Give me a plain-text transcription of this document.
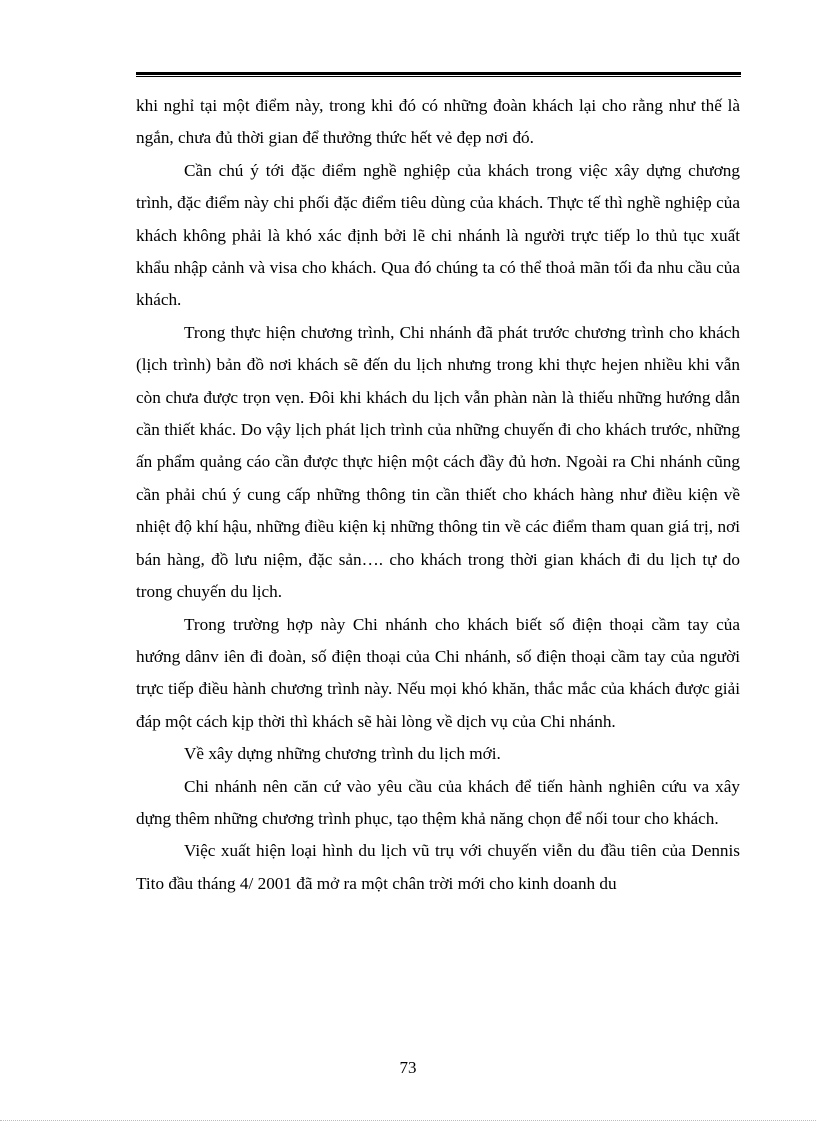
khi nghỉ tại một điểm này, trong khi đó có những đoàn khách lại cho rằng như thế là ngắn, chưa đủ thời gian để thưởng thức hết vẻ đẹp nơi đó.

Cần chú ý tới đặc điểm nghề nghiệp của khách trong việc xây dựng chương trình, đặc điểm này chi phối đặc điểm tiêu dùng của khách. Thực tế thì nghề nghiệp của khách không phải là khó xác định bởi lẽ chi nhánh là người trực tiếp lo thủ tục xuất khẩu nhập cảnh và visa cho khách. Qua đó chúng ta có thể thoả mãn tối đa nhu cầu của khách.

Trong thực hiện chương trình, Chi nhánh đã phát trước chương trình cho khách (lịch trình) bản đồ nơi khách sẽ đến du lịch nhưng trong khi thực hejen nhiều khi vẫn còn chưa được trọn vẹn. Đôi khi khách du lịch vẫn phàn nàn là thiếu những hướng dẫn cần thiết khác. Do vậy lịch phát lịch trình của những chuyến đi cho khách trước, những ấn phẩm quảng cáo cần được thực hiện một cách đầy đủ hơn. Ngoài ra Chi nhánh cũng cần phải chú ý cung cấp những thông tin cần thiết cho khách hàng như điều kiện về nhiệt độ khí hậu, những điều kiện kị những thông tin về các điểm tham quan giá trị, nơi bán hàng, đồ lưu niệm, đặc sản…. cho khách trong thời gian khách đi du lịch tự do trong chuyến du lịch.

Trong trường hợp này Chi nhánh cho khách biết số điện thoại cầm tay của hướng dânv iên đi đoàn, số điện thoại của Chi nhánh, số điện thoại cầm tay của người trực tiếp điều hành chương trình này. Nếu mọi khó khăn, thắc mắc của khách được giải đáp một cách kịp thời thì khách sẽ hài lòng về dịch vụ của Chi nhánh.

Về xây dựng những chương trình du lịch mới.

Chi nhánh nên căn cứ vào yêu cầu của khách để tiến hành nghiên cứu va xây dựng thêm những chương trình phục, tạo thệm khả năng chọn để nối tour cho khách.

Việc xuất hiện loại hình du lịch vũ trụ với chuyến viễn du đầu tiên của Dennis Tito đầu tháng 4/ 2001 đã mở ra một chân trời mới cho kinh doanh du

73
